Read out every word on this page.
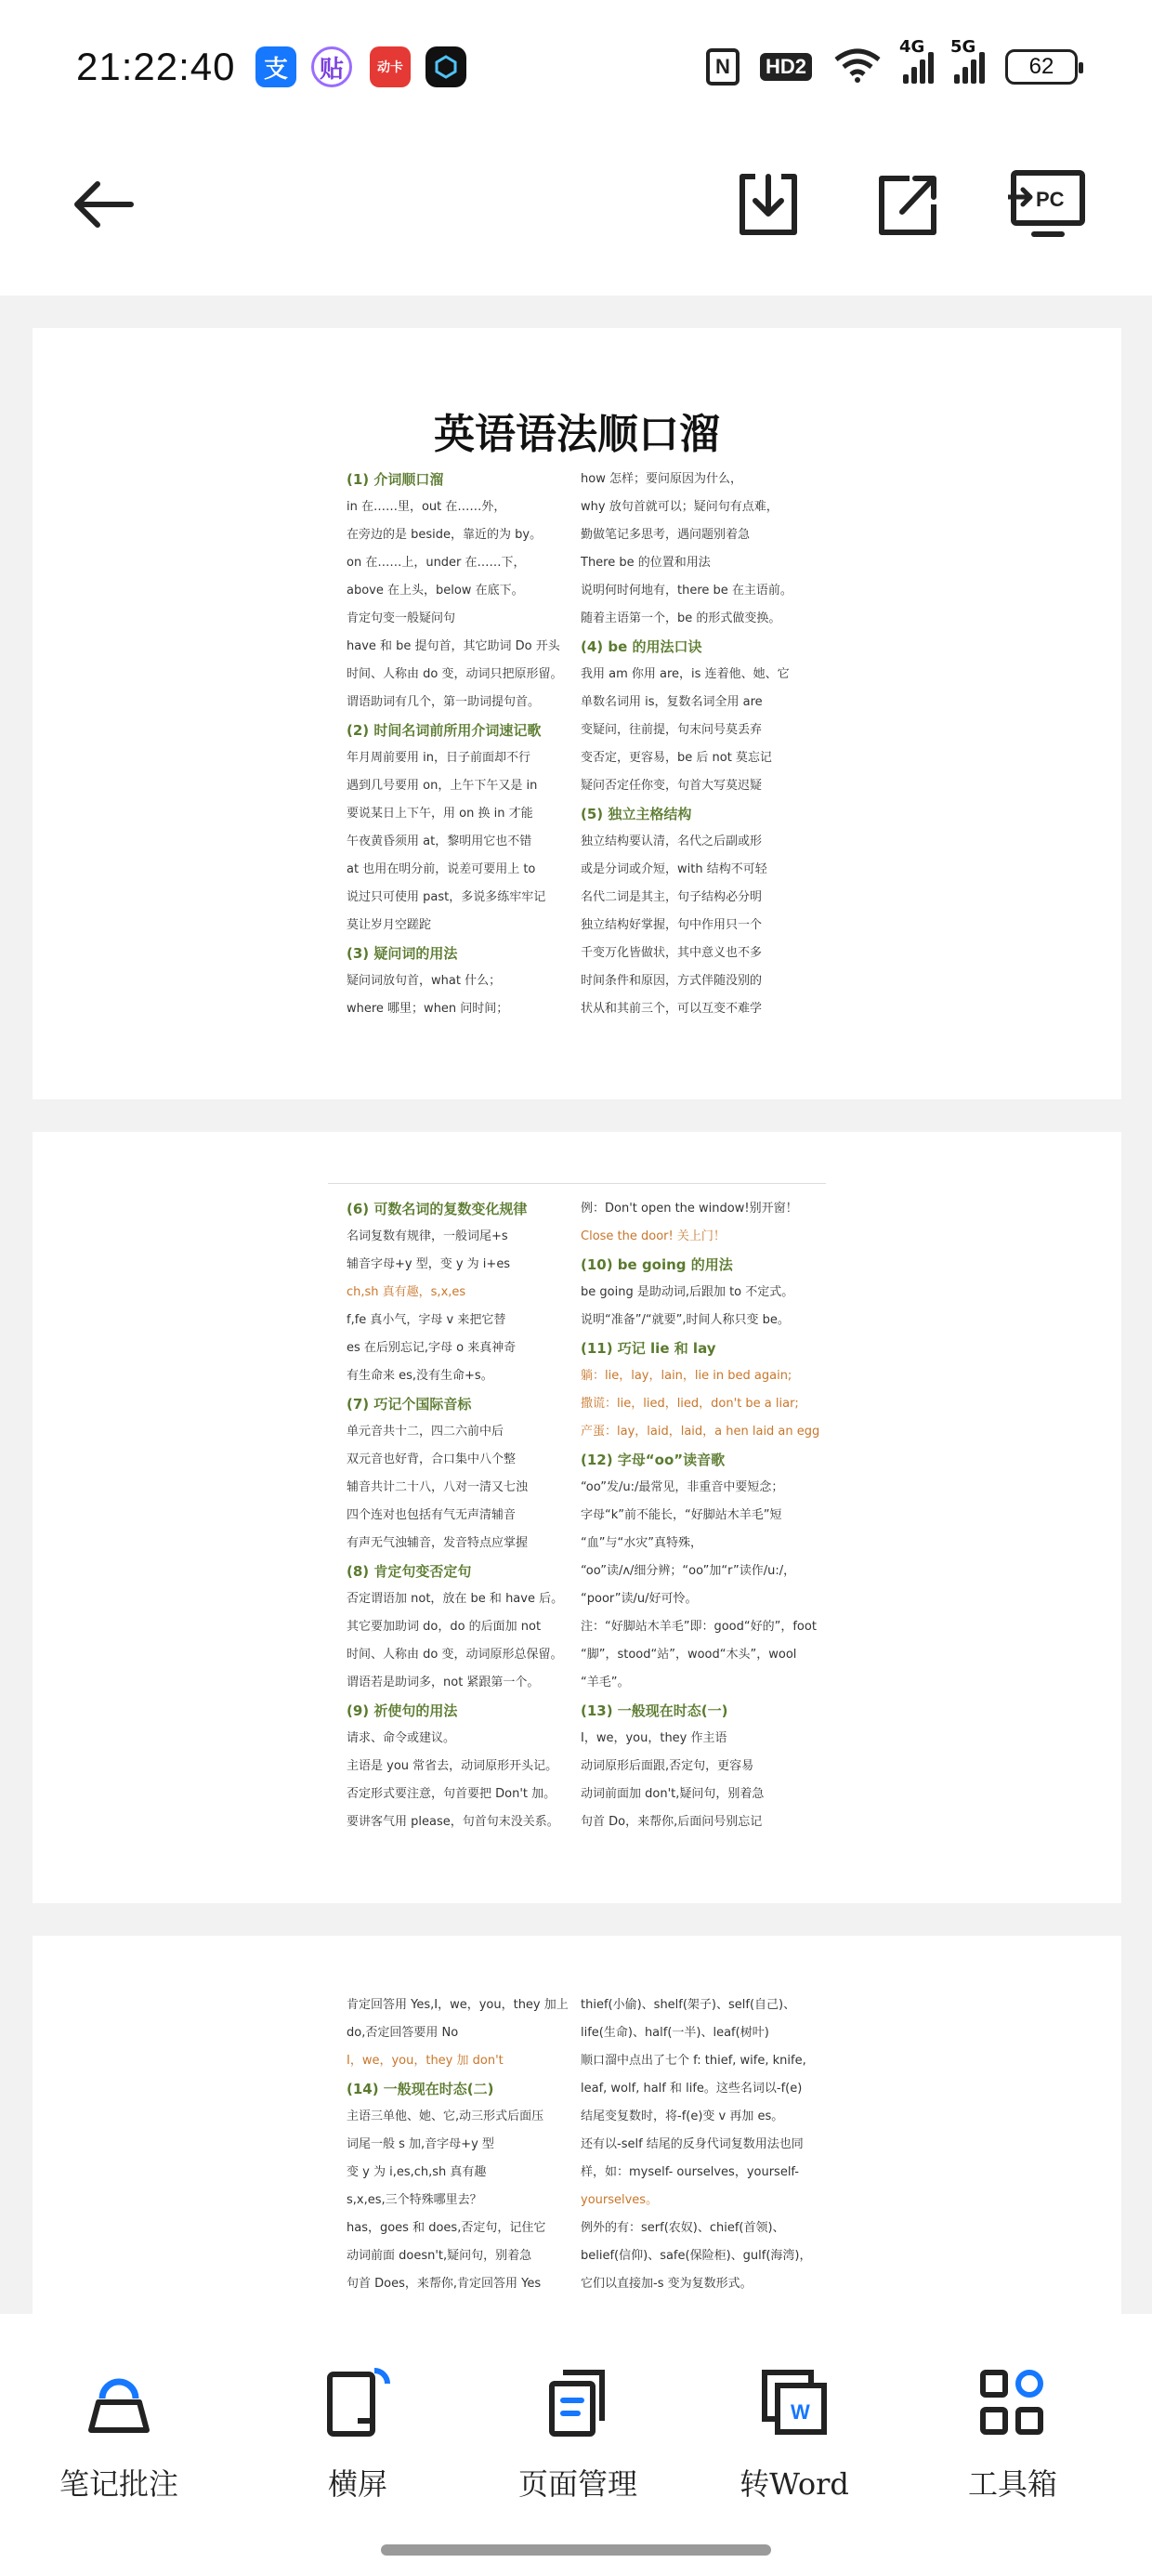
21:22:40	支	贴	动卡	N	HD2
4G 5G
62
PC
英语语法顺口溜
(1) 介词顺口溜
in 在……里，out 在……外，
在旁边的是 beside，靠近的为 by。
on 在……上，under 在……下，
above 在上头，below 在底下。
肯定句变一般疑问句
have 和 be 提句首，其它助词 Do 开头
时间、人称由 do 变，动词只把原形留。
谓语助词有几个，第一助词提句首。
(2) 时间名词前所用介词速记歌
年月周前要用 in，日子前面却不行
遇到几号要用 on，上午下午又是 in
要说某日上下午，用 on 换 in 才能
午夜黄昏须用 at，黎明用它也不错
at 也用在明分前，说差可要用上 to
说过只可使用 past，多说多练牢牢记
莫让岁月空蹉跎
(3) 疑问词的用法
疑问词放句首，what 什么；
where 哪里；when 问时间；
how 怎样；要问原因为什么，
why 放句首就可以；疑问句有点难，
勤做笔记多思考，遇问题别着急
There be 的位置和用法
说明何时何地有，there be 在主语前。
随着主语第一个，be 的形式做变换。
(4) be 的用法口诀
我用 am 你用 are，is 连着他、她、它
单数名词用 is，复数名词全用 are
变疑问，往前提，句末问号莫丢弃
变否定，更容易，be 后 not 莫忘记
疑问否定任你变，句首大写莫迟疑
(5) 独立主格结构
独立结构要认清，名代之后副或形
或是分词或介短，with 结构不可轻
名代二词是其主，句子结构必分明
独立结构好掌握，句中作用只一个
千变万化皆做状，其中意义也不多
时间条件和原因，方式伴随没别的
状从和其前三个，可以互变不难学
(6) 可数名词的复数变化规律
名词复数有规律，一般词尾+s
辅音字母+y 型，变 y 为 i+es
ch,sh 真有趣，s,x,es
f,fe 真小气，字母 v 来把它替
es 在后别忘记,字母 o 来真神奇
有生命来 es,没有生命+s。
(7) 巧记个国际音标
单元音共十二，四二六前中后
双元音也好背，合口集中八个整
辅音共计二十八，八对一清又七浊
四个连对也包括有气无声清辅音
有声无气浊辅音，发音特点应掌握
(8) 肯定句变否定句
否定谓语加 not，放在 be 和 have 后。
其它要加助词 do，do 的后面加 not
时间、人称由 do 变，动词原形总保留。
谓语若是助词多，not 紧跟第一个。
(9) 祈使句的用法
请求、命令或建议。
主语是 you 常省去，动词原形开头记。
否定形式要注意，句首要把 Don't 加。
要讲客气用 please，句首句末没关系。
例：Don't open the window!别开窗！
Close the door! 关上门！
(10) be going 的用法
be going 是助动词,后跟加 to 不定式。
说明“准备”/“就要”,时间人称只变 be。
(11) 巧记 lie 和 lay
躺：lie，lay，lain，lie in bed again;
撒谎：lie，lied，lied，don't be a liar;
产蛋：lay，laid，laid，a hen laid an egg
(12) 字母“oo”读音歌
“oo”发/u:/最常见，非重音中要短念；
字母“k”前不能长，“好脚站木羊毛”短
“血”与“水灾”真特殊，
“oo”读/ʌ/细分辨；“oo”加“r”读作/u:/，
“poor”读/u/好可怜。
注：“好脚站木羊毛”即：good“好的”，foot
“脚”，stood“站”，wood“木头”，wool
“羊毛”。
(13) 一般现在时态(一)
I，we，you，they 作主语
动词原形后面跟,否定句，更容易
动词前面加 don't,疑问句，别着急
句首 Do，来帮你,后面问号别忘记
肯定回答用 Yes,I，we，you，they 加上
do,否定回答要用 No
I，we，you，they 加 don't
(14) 一般现在时态(二)
主语三单他、她、它,动三形式后面压
词尾一般 s 加,音字母+y 型
变 y 为 i,es,ch,sh 真有趣
s,x,es,三个特殊哪里去？
has，goes 和 does,否定句，记住它
动词前面 doesn't,疑问句，别着急
句首 Does，来帮你,肯定回答用 Yes
thief(小偷)、shelf(架子)、self(自己)、
life(生命)、half(一半)、leaf(树叶)
顺口溜中点出了七个 f: thief, wife, knife,
leaf, wolf, half 和 life。这些名词以-f(e)
结尾变复数时，将-f(e)变 v 再加 es。
还有以-self 结尾的反身代词复数用法也同
样，如：myself- ourselves，yourself-
yourselves。
例外的有：serf(农奴)、chief(首领)、
belief(信仰)、safe(保险柜)、gulf(海湾)，
它们以直接加-s 变为复数形式。
笔记批注	横屏	页面管理
W
转Word	工具箱
